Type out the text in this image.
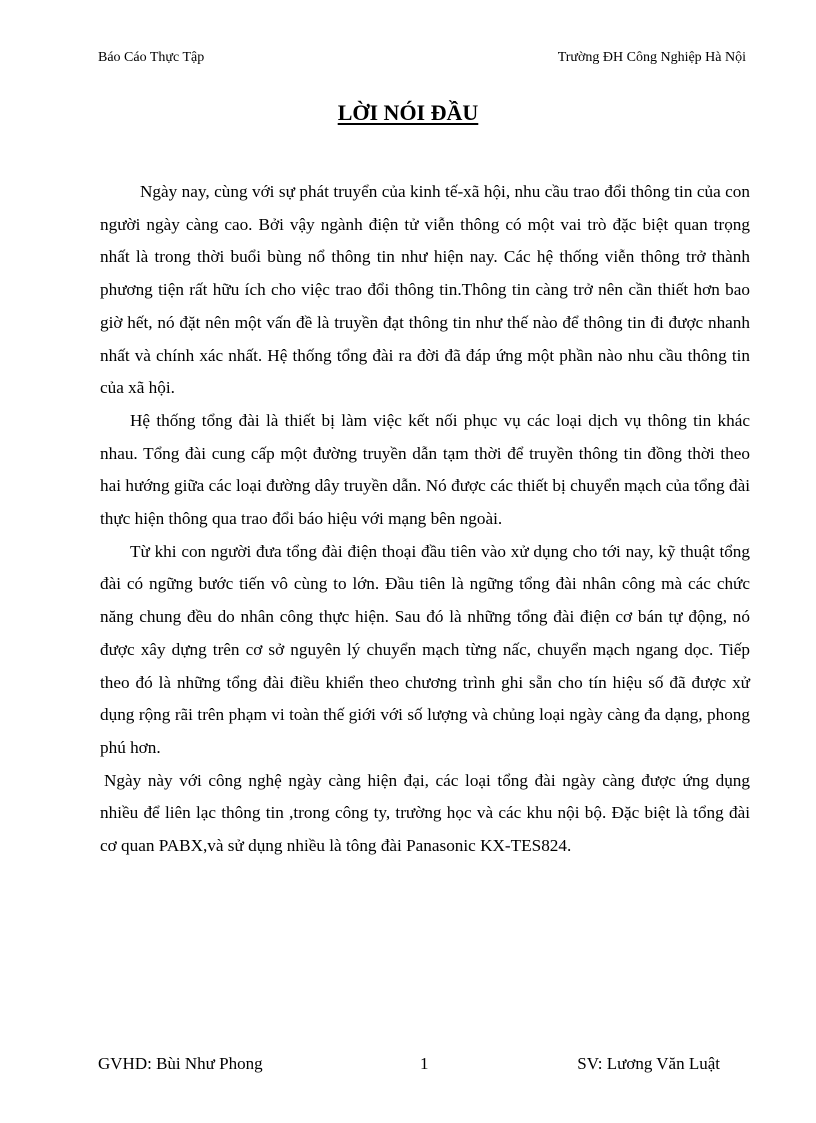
Báo Cáo Thực Tập	Trường ĐH Công Nghiệp Hà Nội
LỜI NÓI ĐẦU

Ngày nay, cùng với sự phát truyển của kinh tế-xã hội, nhu cầu trao đổi thông tin của con người ngày càng cao. Bởi vậy ngành điện tử viễn thông có một vai trò đặc biệt quan trọng nhất là trong thời buổi bùng nổ thông tin như hiện nay. Các hệ thống viễn thông trở thành phương tiện rất hữu ích cho việc trao đổi thông tin.Thông tin càng trở nên cần thiết hơn bao giờ hết, nó đặt nên một vấn đề là truyền đạt thông tin như thế nào để thông tin đi được nhanh nhất và chính xác nhất. Hệ thống tổng đài ra đời đã đáp ứng một phần nào nhu cầu thông tin của xã hội.

Hệ thống tổng đài là thiết bị làm việc kết nối phục vụ các loại dịch vụ thông tin khác nhau. Tổng đài cung cấp một đường truyền dẫn tạm thời để truyền thông tin đồng thời theo hai hướng giữa các loại đường dây truyền dẫn. Nó được các thiết bị chuyển mạch của tổng đài thực hiện thông qua trao đổi báo hiệu với mạng bên ngoài.

Từ khi con người đưa tổng đài điện thoại đầu tiên vào xử dụng cho tới nay, kỹ thuật tổng đài có ngững bước tiến vô cùng to lớn. Đầu tiên là ngững tổng đài nhân công mà các chức năng chung đều do nhân công thực hiện. Sau đó là những tổng đài điện cơ bán tự động, nó được xây dựng trên cơ sở nguyên lý chuyển mạch từng nấc, chuyển mạch ngang dọc. Tiếp theo đó là những tổng đài điều khiển theo chương trình ghi sẵn cho tín hiệu số đã được xử dụng rộng rãi trên phạm vi toàn thế giới với số lượng và chủng loại ngày càng đa dạng, phong phú hơn.

Ngày này với công nghệ ngày càng hiện đại, các loại tổng đài ngày càng được ứng dụng nhiều để liên lạc thông tin ,trong công ty, trường học và các khu nội bộ. Đặc biệt là tổng đài cơ quan PABX,và sử dụng nhiều là tông đài Panasonic KX-TES824.

GVHD: Bùi Như Phong	1	SV: Lương Văn Luật
